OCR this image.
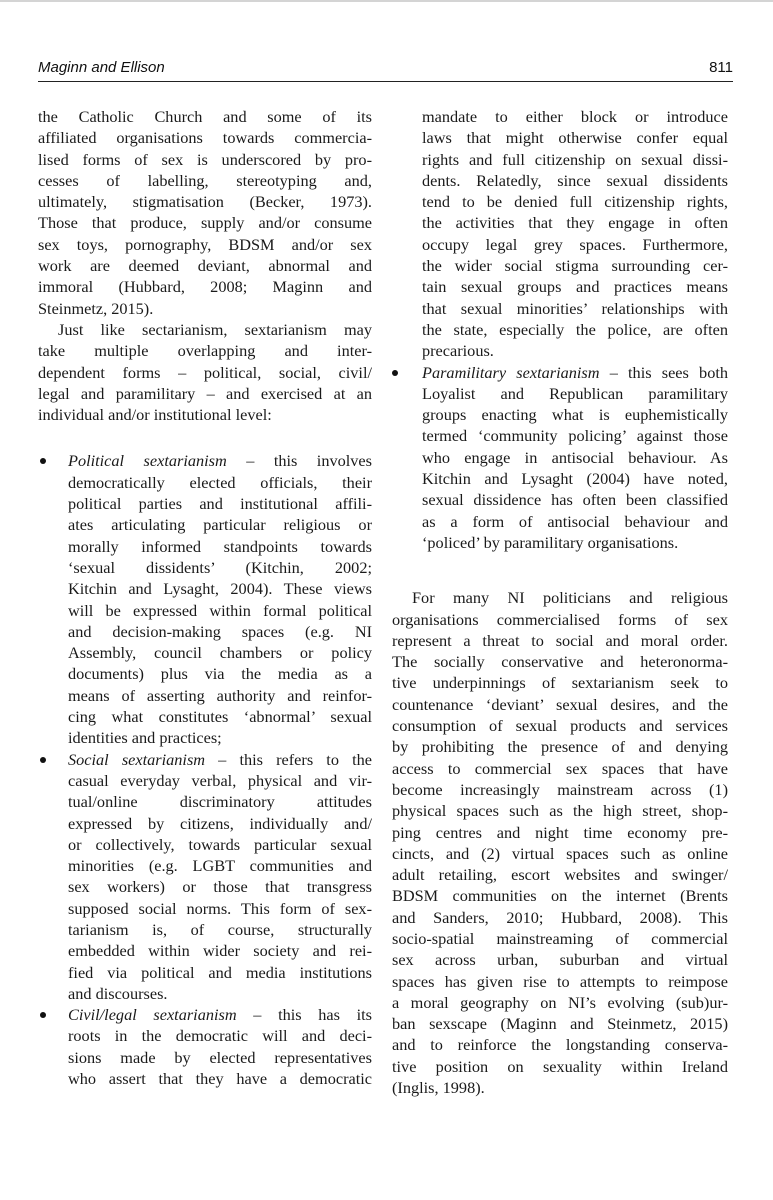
Maginn and Ellison	811
the Catholic Church and some of its
affiliated organisations towards commercia-
lised forms of sex is underscored by pro-
cesses of labelling, stereotyping and,
ultimately, stigmatisation (Becker, 1973).
Those that produce, supply and/or consume
sex toys, pornography, BDSM and/or sex
work are deemed deviant, abnormal and
immoral (Hubbard, 2008; Maginn and
Steinmetz, 2015).
Just like sectarianism, sextarianism may
take multiple overlapping and inter-
dependent forms – political, social, civil/
legal and paramilitary – and exercised at an
individual and/or institutional level:
Political sextarianism – this involves
democratically elected officials, their
political parties and institutional affili-
ates articulating particular religious or
morally informed standpoints towards
‘sexual dissidents’ (Kitchin, 2002;
Kitchin and Lysaght, 2004). These views
will be expressed within formal political
and decision-making spaces (e.g. NI
Assembly, council chambers or policy
documents) plus via the media as a
means of asserting authority and reinfor-
cing what constitutes ‘abnormal’ sexual
identities and practices;
Social sextarianism – this refers to the
casual everyday verbal, physical and vir-
tual/online discriminatory attitudes
expressed by citizens, individually and/
or collectively, towards particular sexual
minorities (e.g. LGBT communities and
sex workers) or those that transgress
supposed social norms. This form of sex-
tarianism is, of course, structurally
embedded within wider society and rei-
fied via political and media institutions
and discourses.
Civil/legal sextarianism – this has its
roots in the democratic will and deci-
sions made by elected representatives
who assert that they have a democratic
mandate to either block or introduce
laws that might otherwise confer equal
rights and full citizenship on sexual dissi-
dents. Relatedly, since sexual dissidents
tend to be denied full citizenship rights,
the activities that they engage in often
occupy legal grey spaces. Furthermore,
the wider social stigma surrounding cer-
tain sexual groups and practices means
that sexual minorities’ relationships with
the state, especially the police, are often
precarious.
Paramilitary sextarianism – this sees both
Loyalist and Republican paramilitary
groups enacting what is euphemistically
termed ‘community policing’ against those
who engage in antisocial behaviour. As
Kitchin and Lysaght (2004) have noted,
sexual dissidence has often been classified
as a form of antisocial behaviour and
‘policed’ by paramilitary organisations.
For many NI politicians and religious
organisations commercialised forms of sex
represent a threat to social and moral order.
The socially conservative and heteronorma-
tive underpinnings of sextarianism seek to
countenance ‘deviant’ sexual desires, and the
consumption of sexual products and services
by prohibiting the presence of and denying
access to commercial sex spaces that have
become increasingly mainstream across (1)
physical spaces such as the high street, shop-
ping centres and night time economy pre-
cincts, and (2) virtual spaces such as online
adult retailing, escort websites and swinger/
BDSM communities on the internet (Brents
and Sanders, 2010; Hubbard, 2008). This
socio-spatial mainstreaming of commercial
sex across urban, suburban and virtual
spaces has given rise to attempts to reimpose
a moral geography on NI’s evolving (sub)ur-
ban sexscape (Maginn and Steinmetz, 2015)
and to reinforce the longstanding conserva-
tive position on sexuality within Ireland
(Inglis, 1998).
